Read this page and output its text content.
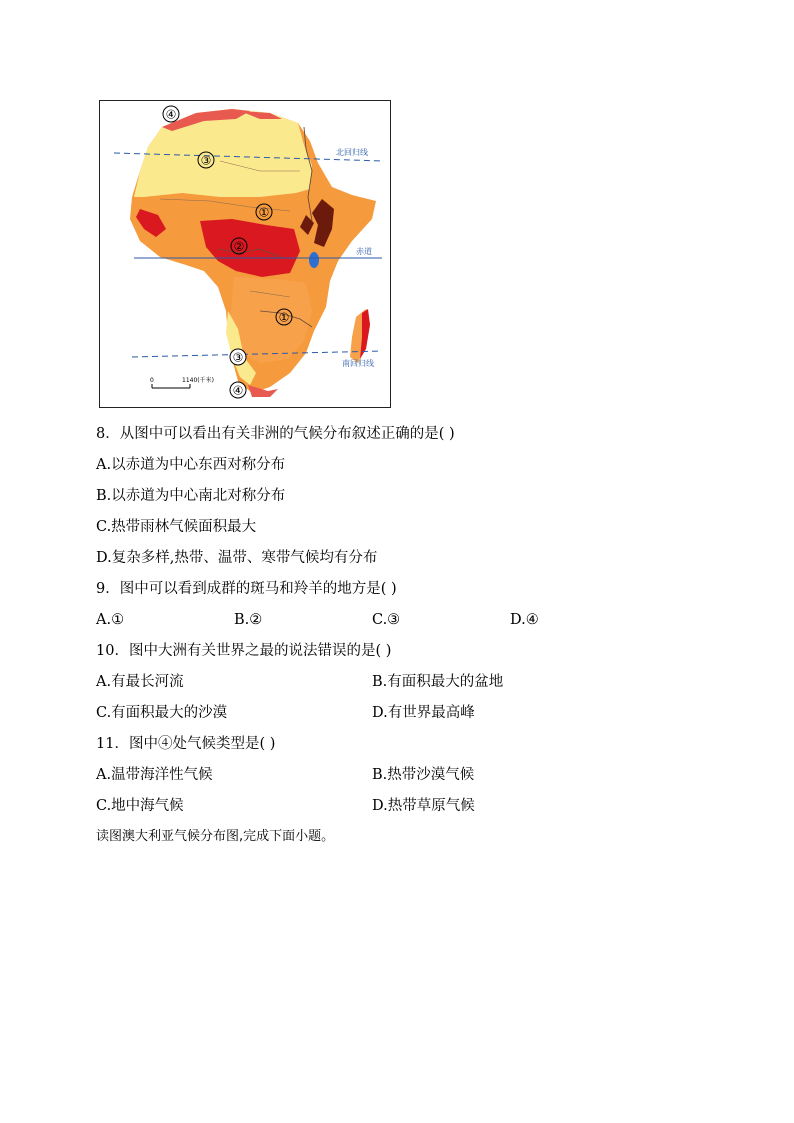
④
③
①
②
①
③
④
北回归线
赤道
南回归线
0	1140(千米)
8．从图中可以看出有关非洲的气候分布叙述正确的是( )
A.以赤道为中心东西对称分布
B.以赤道为中心南北对称分布
C.热带雨林气候面积最大
D.复杂多样,热带、温带、寒带气候均有分布
9．图中可以看到成群的斑马和羚羊的地方是( )
A.①	B.②	C.③	D.④
10．图中大洲有关世界之最的说法错误的是( )
A.有最长河流	B.有面积最大的盆地
C.有面积最大的沙漠	D.有世界最高峰
11．图中④处气候类型是( )
A.温带海洋性气候	B.热带沙漠气候
C.地中海气候	D.热带草原气候
读图澳大利亚气候分布图,完成下面小题。
